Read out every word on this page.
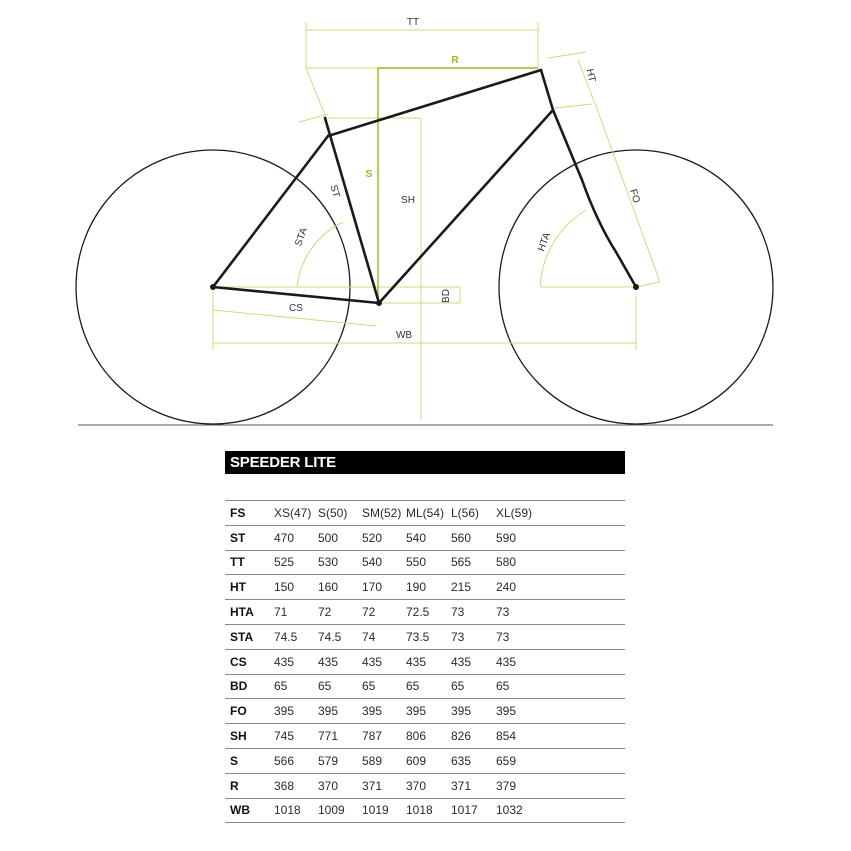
TT
R
HT
S
SH
ST
STA
FO
HTA
BD
CS
WB
SPEEDER LITE
FS	XS(47)	S(50)	SM(52)	ML(54)	L(56)	XL(59)
ST	470	500	520	540	560	590
TT	525	530	540	550	565	580
HT	150	160	170	190	215	240
HTA	71	72	72	72.5	73	73
STA	74.5	74.5	74	73.5	73	73
CS	435	435	435	435	435	435
BD	65	65	65	65	65	65
FO	395	395	395	395	395	395
SH	745	771	787	806	826	854
S	566	579	589	609	635	659
R	368	370	371	370	371	379
WB	1018	1009	1019	1018	1017	1032
